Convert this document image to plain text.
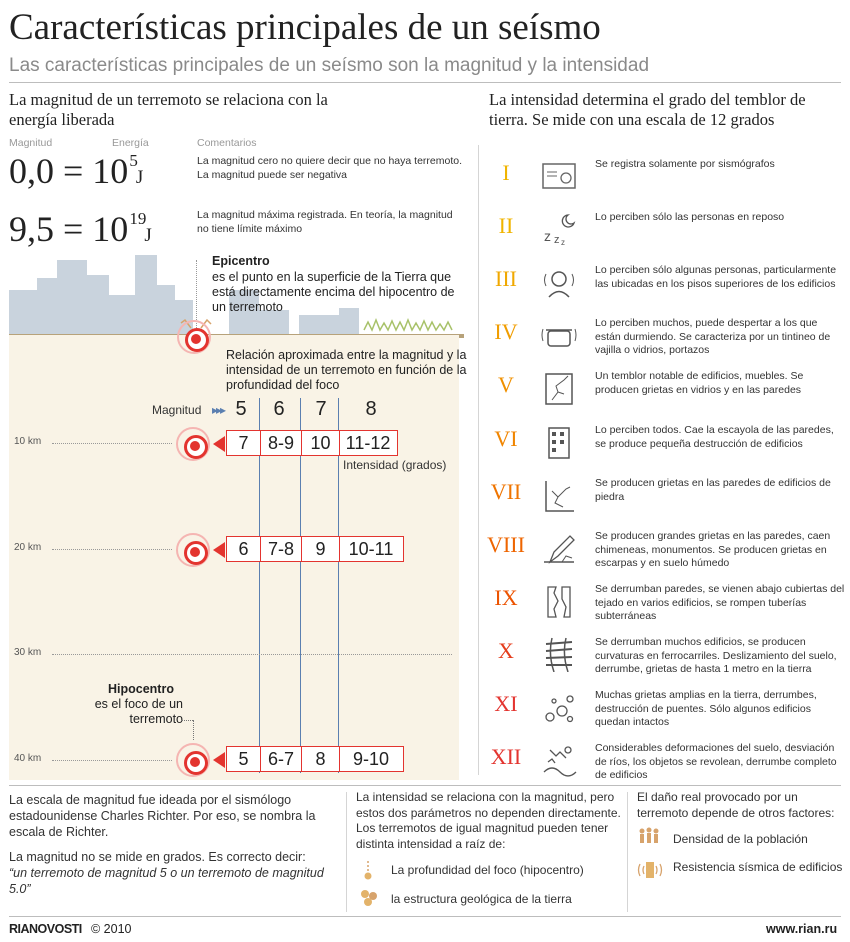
Características principales de un seísmo
Las características principales de un seísmo son la magnitud y la intensidad
La magnitud de un terremoto se relaciona con la energía liberada
Magnitud	Energía	Comentarios
$0,0 = 10^5J$
La magnitud cero no quiere decir que no haya terremoto. La magnitud puede ser negativa
$9,5 = 10^{19}J$
La magnitud máxima registrada. En teoría, la magnitud no tiene límite máximo
Epicentro
es el punto en la superficie de la Tierra que está directamente encima del hipocentro de un terremoto
Relación aproximada entre la magnitud y la intensidad de un terremoto en función de la profundidad del foco
Magnitud ▸▸▸ 5 6 7 8
10 km
20 km
30 km
40 km
7	8-9 10 11-12
Intensidad (grados)
6	7-8	9	10-11
Hipocentro
es el foco de un terremoto
5	6-7	8	9-10
La intensidad determina el grado del temblor de tierra. Se mide con una escala de 12 grados
I	Se registra solamente por sismógrafos
II	z z z
Lo perciben sólo las personas en reposo
III	Lo perciben sólo algunas personas, particularmente las ubicadas en los pisos superiores de los edificios
IV	Lo perciben muchos, puede despertar a los que están durmiendo. Se caracteriza por un tintineo de vajilla o vidrios, portazos
V	Un temblor notable de edificios, muebles. Se producen grietas en vidrios y en las paredes
VI	Lo perciben todos. Cae la escayola de las paredes, se produce pequeña destrucción de edificios
VII	Se producen grietas en las paredes de edificios de piedra
VIII	Se producen grandes grietas en las paredes, caen chimeneas, monumentos. Se producen grietas en escarpas y en suelo húmedo
IX	Se derrumban paredes, se vienen abajo cubiertas del tejado en varios edificios, se rompen tuberías subterráneas
X	Se derrumban muchos edificios, se producen curvaturas en ferrocarriles. Deslizamiento del suelo, derrumbe, grietas de hasta 1 metro en la tierra
XI	Muchas grietas amplias en la tierra, derrumbes, destrucción de puentes. Sólo algunos edificios quedan intactos
XII	Considerables deformaciones del suelo, desviación de ríos, los objetos se revolean, derrumbe completo de edificios
La escala de magnitud fue ideada por el sismólogo estadounidense Charles Richter. Por eso, se nombra la escala de Richter.
La magnitud no se mide en grados. Es correcto decir:
“un terremoto de magnitud 5 o un terremoto de magnitud 5.0”
La intensidad se relaciona con la magnitud, pero estos dos parámetros no dependen directamente. Los terremotos de igual magnitud pueden tener distinta intensidad a raíz de:
La profundidad del foco (hipocentro)
la estructura geológica de la tierra
El daño real provocado por un terremoto depende de otros factores:
Densidad de la población
Resistencia sísmica de edificios
RIANOVOSTI © 2010	www.rian.ru
